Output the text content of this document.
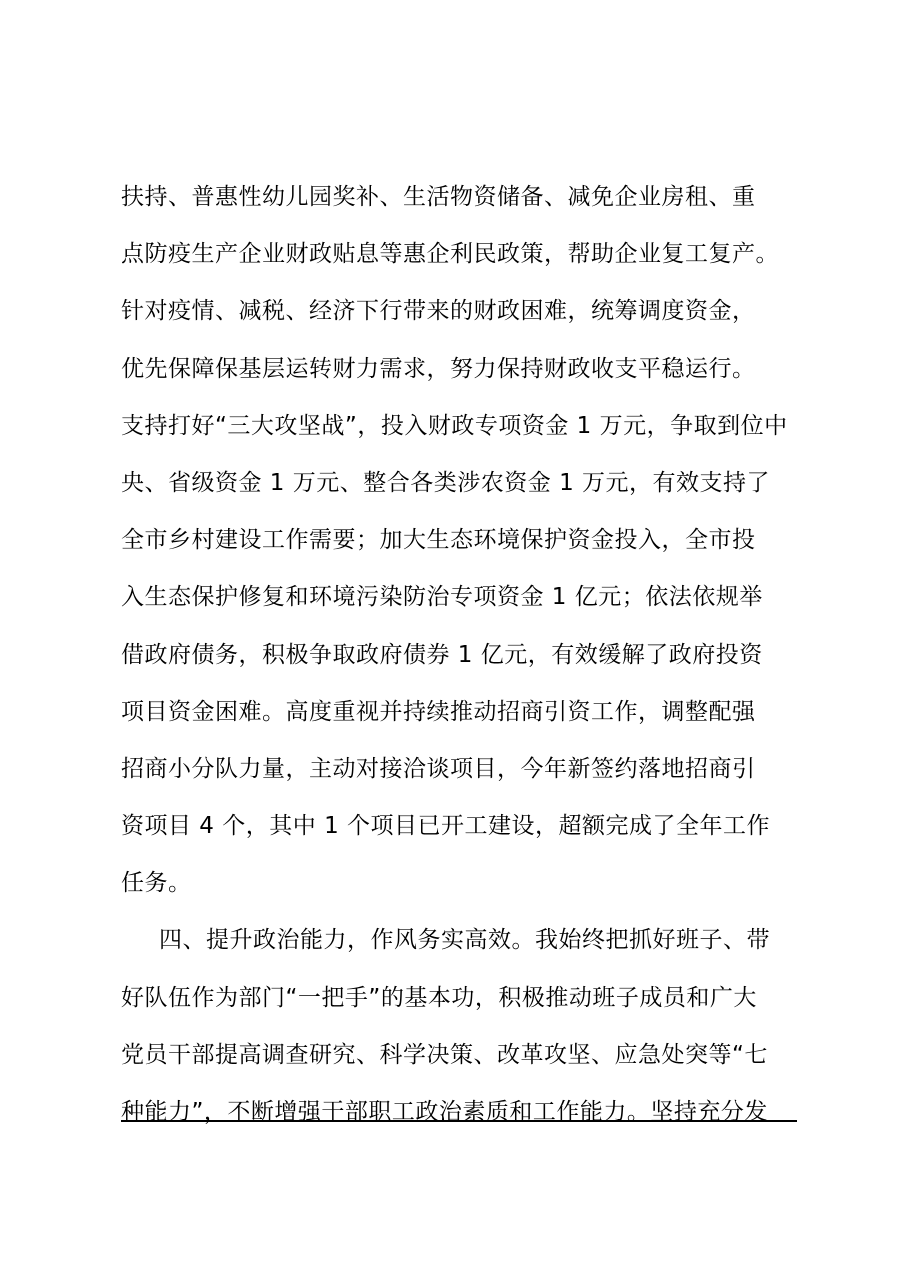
扶持、普惠性幼儿园奖补、生活物资储备、减免企业房租、重
点防疫生产企业财政贴息等惠企利民政策，帮助企业复工复产。
针对疫情、减税、经济下行带来的财政困难，统筹调度资金，
优先保障保基层运转财力需求，努力保持财政收支平稳运行。
支持打好“三大攻坚战”，投入财政专项资金 1 万元，争取到位中
央、省级资金 1 万元、整合各类涉农资金 1 万元，有效支持了
全市乡村建设工作需要；加大生态环境保护资金投入，全市投
入生态保护修复和环境污染防治专项资金 1 亿元；依法依规举
借政府债务，积极争取政府债券 1 亿元，有效缓解了政府投资
项目资金困难。高度重视并持续推动招商引资工作，调整配强
招商小分队力量，主动对接洽谈项目，今年新签约落地招商引
资项目 4 个，其中 1 个项目已开工建设，超额完成了全年工作
任务。
四、提升政治能力，作风务实高效。我始终把抓好班子、带
好队伍作为部门“一把手”的基本功，积极推动班子成员和广大
党员干部提高调查研究、科学决策、改革攻坚、应急处突等“七
种能力”，不断增强干部职工政治素质和工作能力。坚持充分发
